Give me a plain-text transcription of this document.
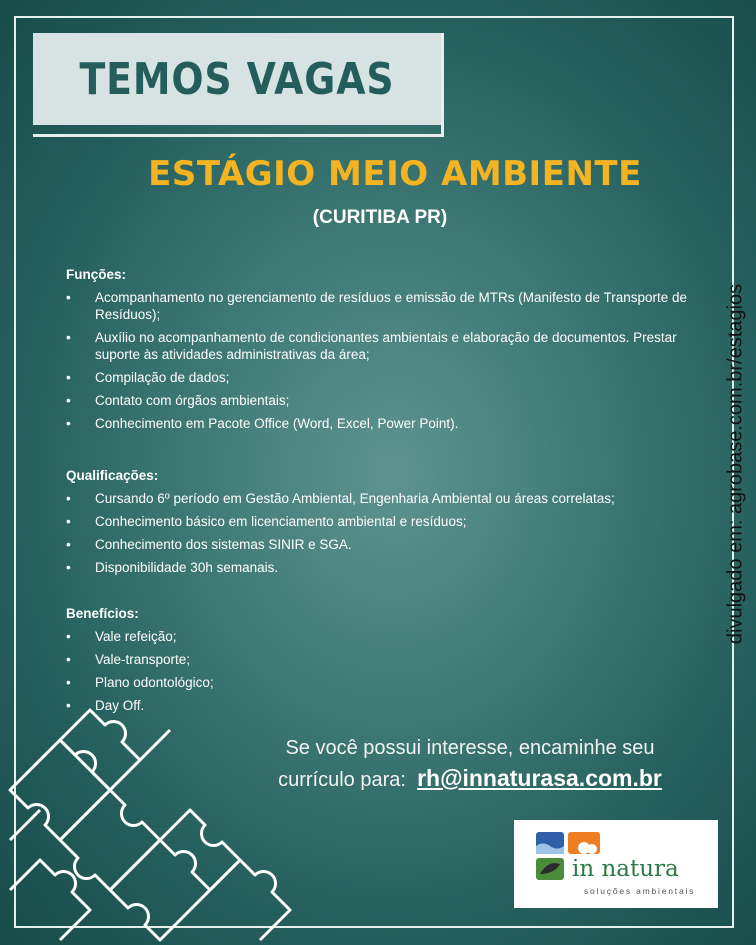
TEMOS VAGAS
ESTÁGIO MEIO AMBIENTE
(CURITIBA PR)
Funções:
• Acompanhamento no gerenciamento de resíduos e emissão de MTRs (Manifesto de Transporte de Resíduos);
• Auxílio no acompanhamento de condicionantes ambientais e elaboração de documentos. Prestar suporte às atividades administrativas da área;
• Compilação de dados;
• Contato com órgãos ambientais;
• Conhecimento em Pacote Office (Word, Excel, Power Point).
Qualificações:
• Cursando 6º período em Gestão Ambiental, Engenharia Ambiental ou áreas correlatas;
• Conhecimento básico em licenciamento ambiental e resíduos;
• Conhecimento dos sistemas SINIR e SGA.
• Disponibilidade 30h semanais.
Benefícios:
• Vale refeição;
• Vale-transporte;
• Plano odontológico;
• Day Off.
divulgado em: agrobase.com.br/estagios
Se você possui interesse, encaminhe seu
currículo para: rh@innaturasa.com.br
in natura
soluções ambientais
